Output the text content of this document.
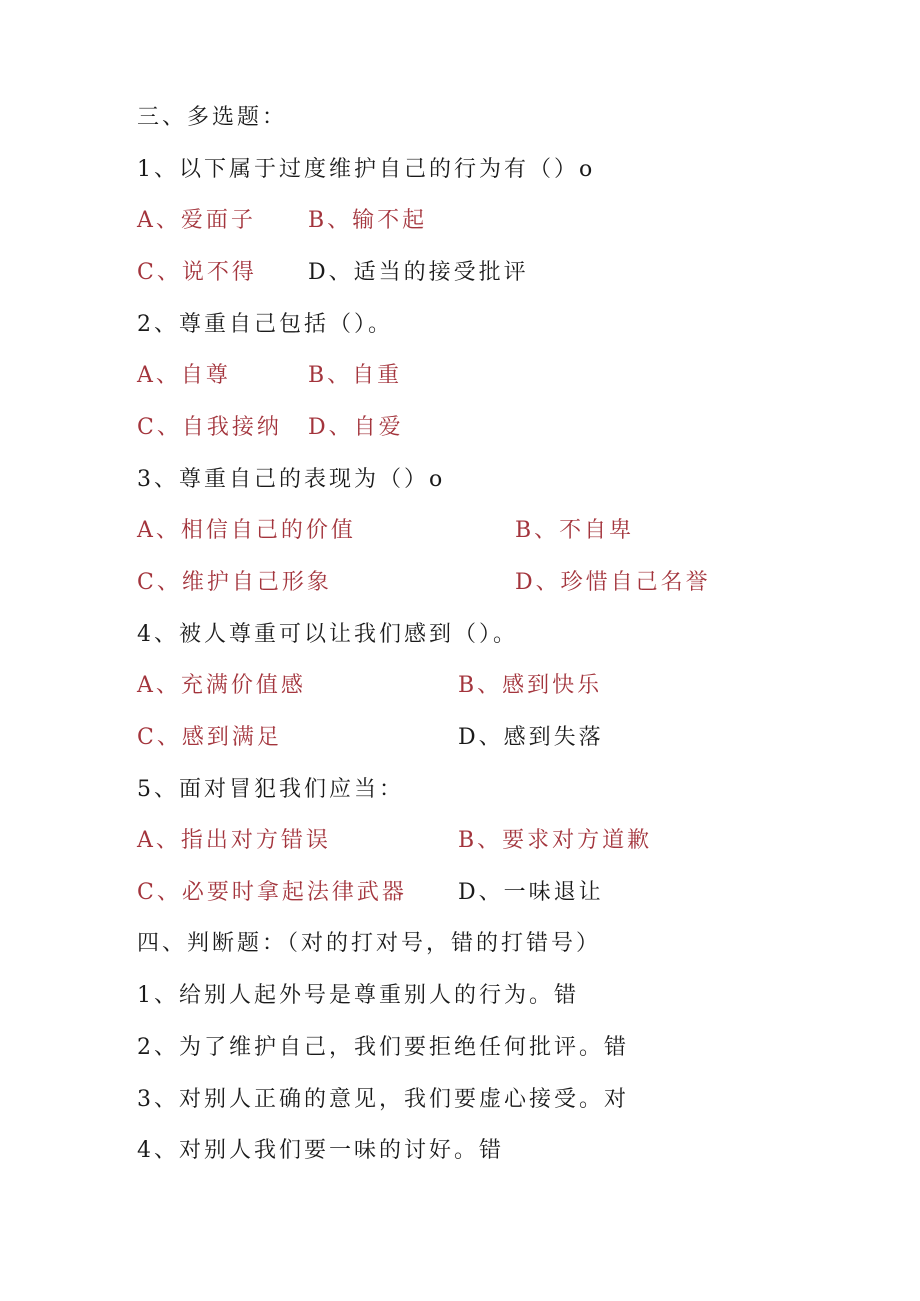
三、多选题：
1、以下属于过度维护自己的行为有（）o
A、爱面子 B、输不起
C、说不得 D、适当的接受批评
2、尊重自己包括（）。
A、自尊	B、自重
C、自我接纳 D、自爱
3、尊重自己的表现为（）o
A、相信自己的价值	B、不自卑
C、维护自己形象	D、珍惜自己名誉
4、被人尊重可以让我们感到（）。
A、充满价值感	B、感到快乐
C、感到满足	D、感到失落
5、面对冒犯我们应当：
A、指出对方错误	B、要求对方道歉
C、必要时拿起法律武器 D、一味退让
四、判断题：（对的打对号，错的打错号）
1、给别人起外号是尊重别人的行为。错
2、为了维护自己，我们要拒绝任何批评。错
3、对别人正确的意见，我们要虚心接受。对
4、对别人我们要一味的讨好。错
